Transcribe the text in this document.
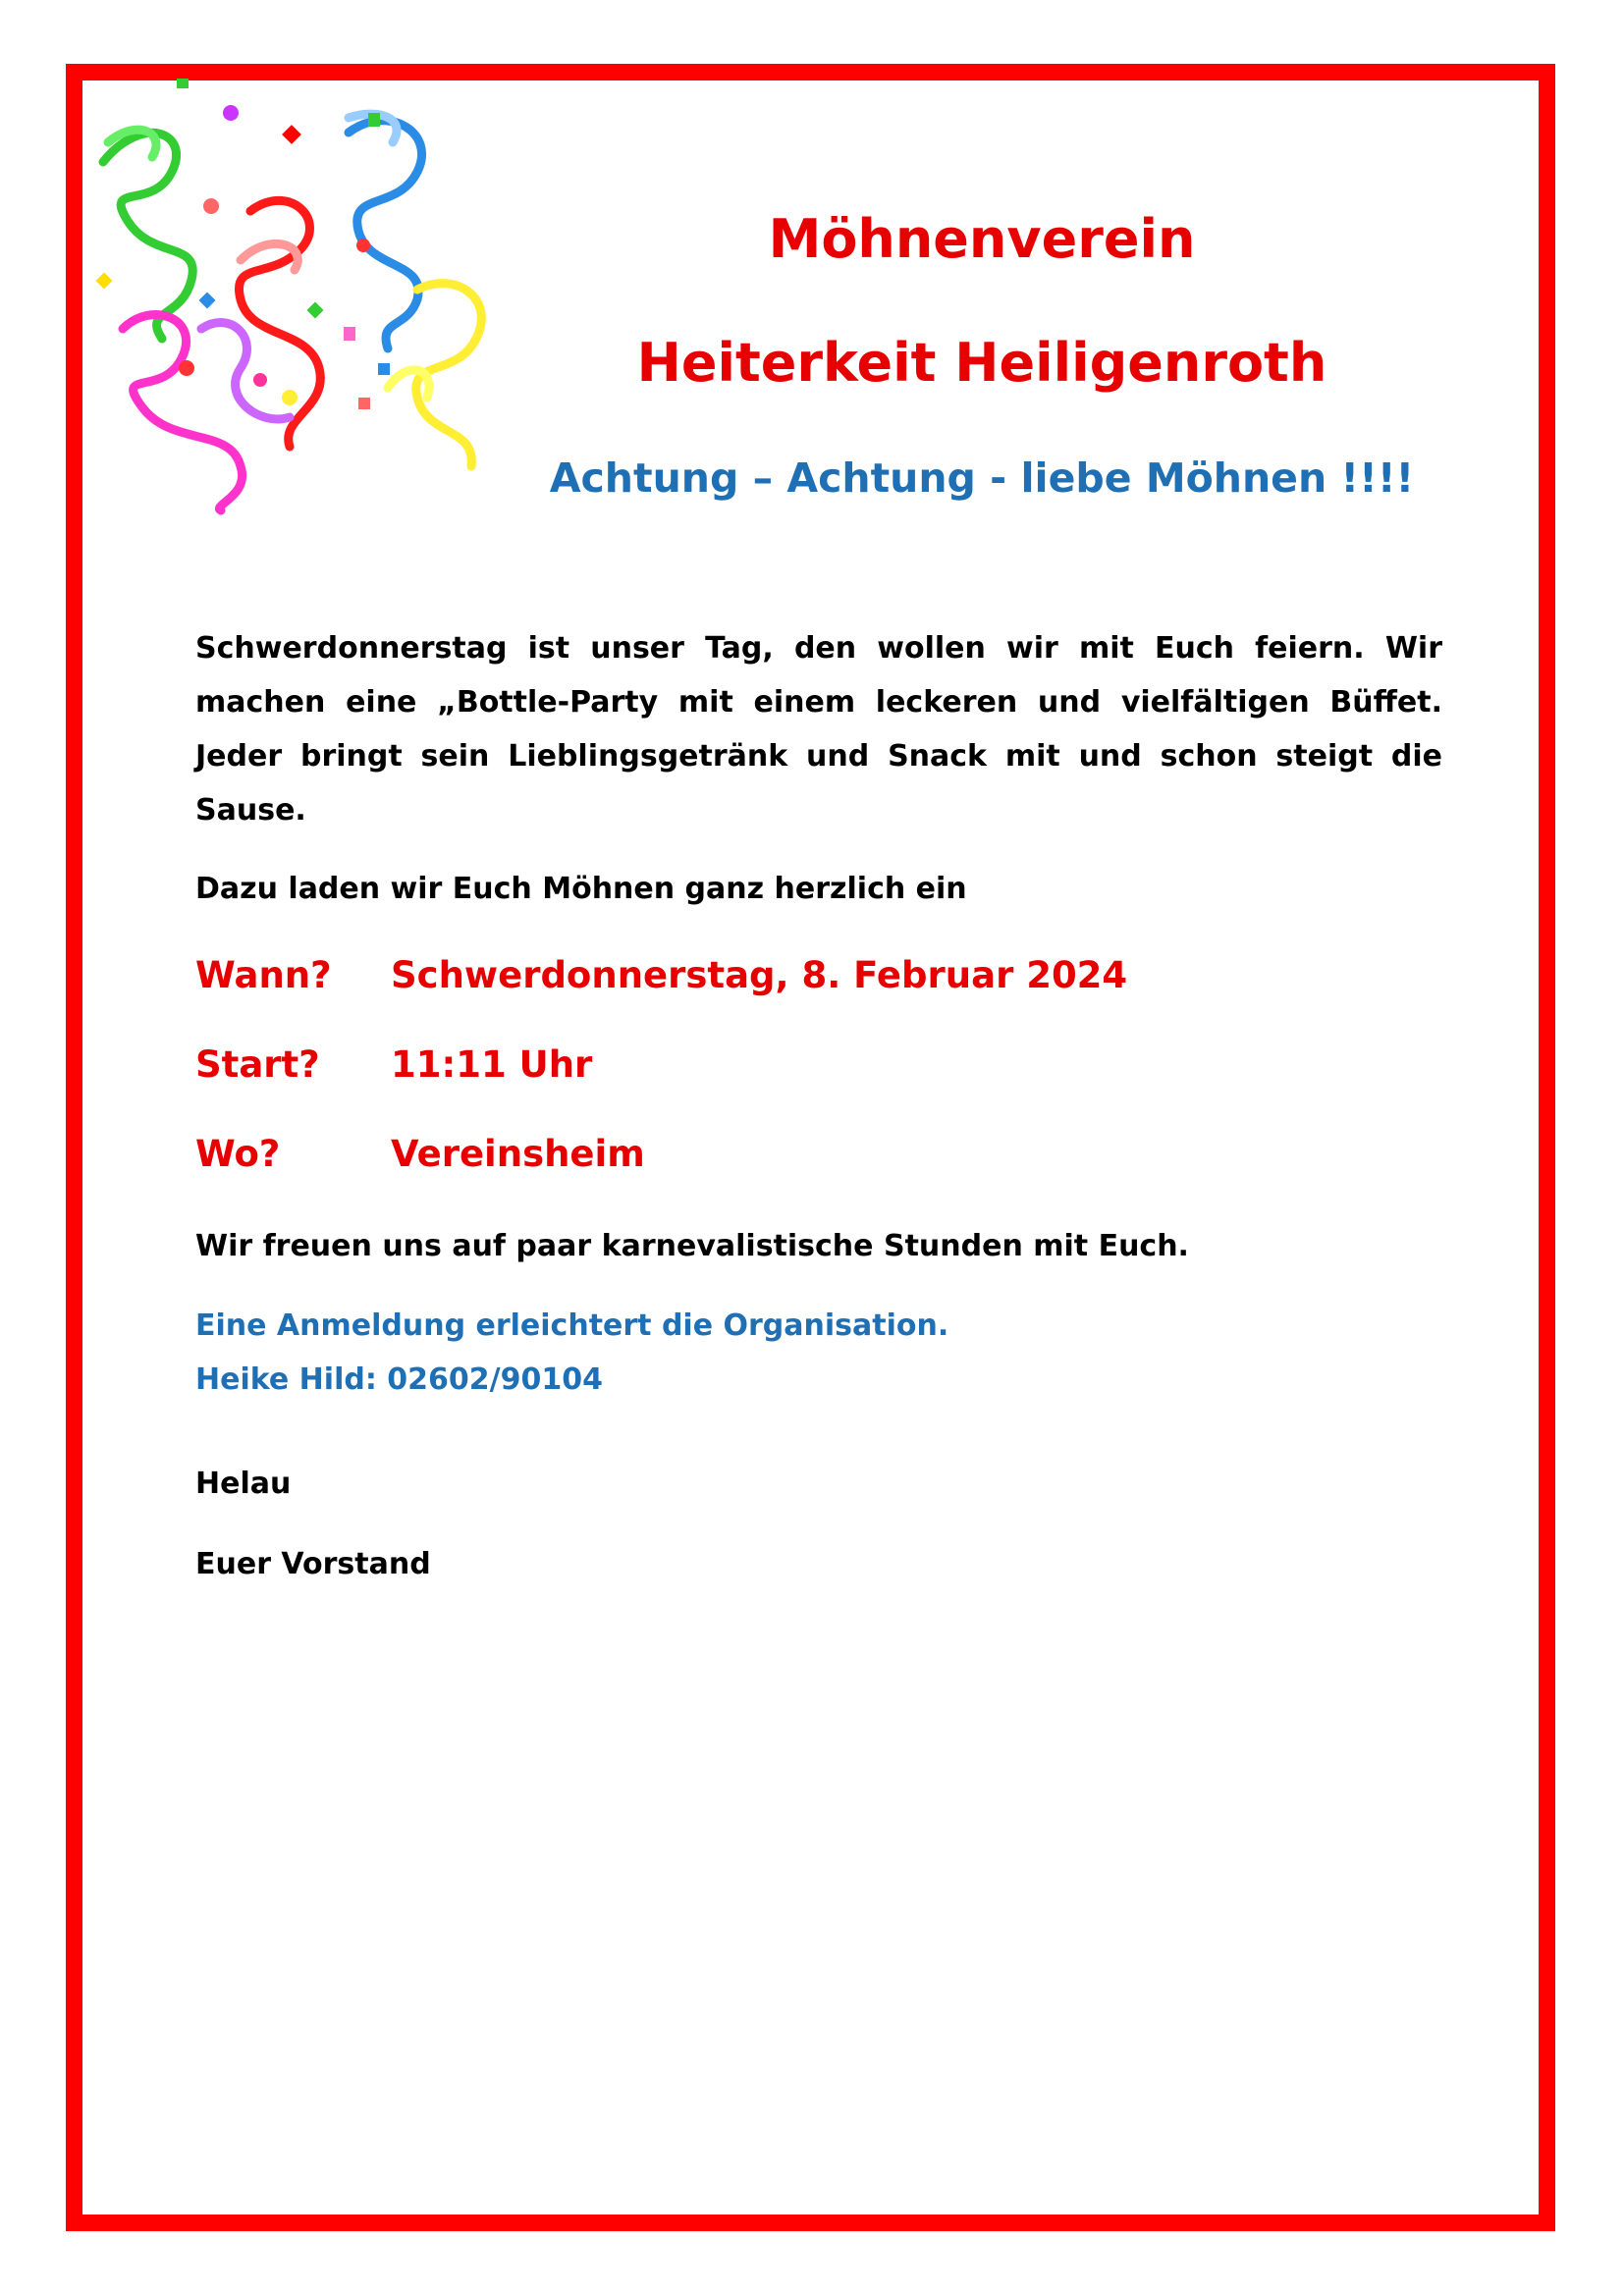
Möhnenverein
Heiterkeit Heiligenroth
Achtung – Achtung - liebe Möhnen !!!!

Schwerdonnerstag ist unser Tag, den wollen wir mit Euch feiern. Wir machen eine „Bottle-Party mit einem leckeren und vielfältigen Büffet. Jeder bringt sein Lieblingsgetränk und Snack mit und schon steigt die Sause.

Dazu laden wir Euch Möhnen ganz herzlich ein

Wann?	Schwerdonnerstag, 8. Februar 2024
Start?	11:11 Uhr
Wo?	Vereinsheim

Wir freuen uns auf paar karnevalistische Stunden mit Euch.

Eine Anmeldung erleichtert die Organisation.

Heike Hild: 02602/90104

Helau

Euer Vorstand
